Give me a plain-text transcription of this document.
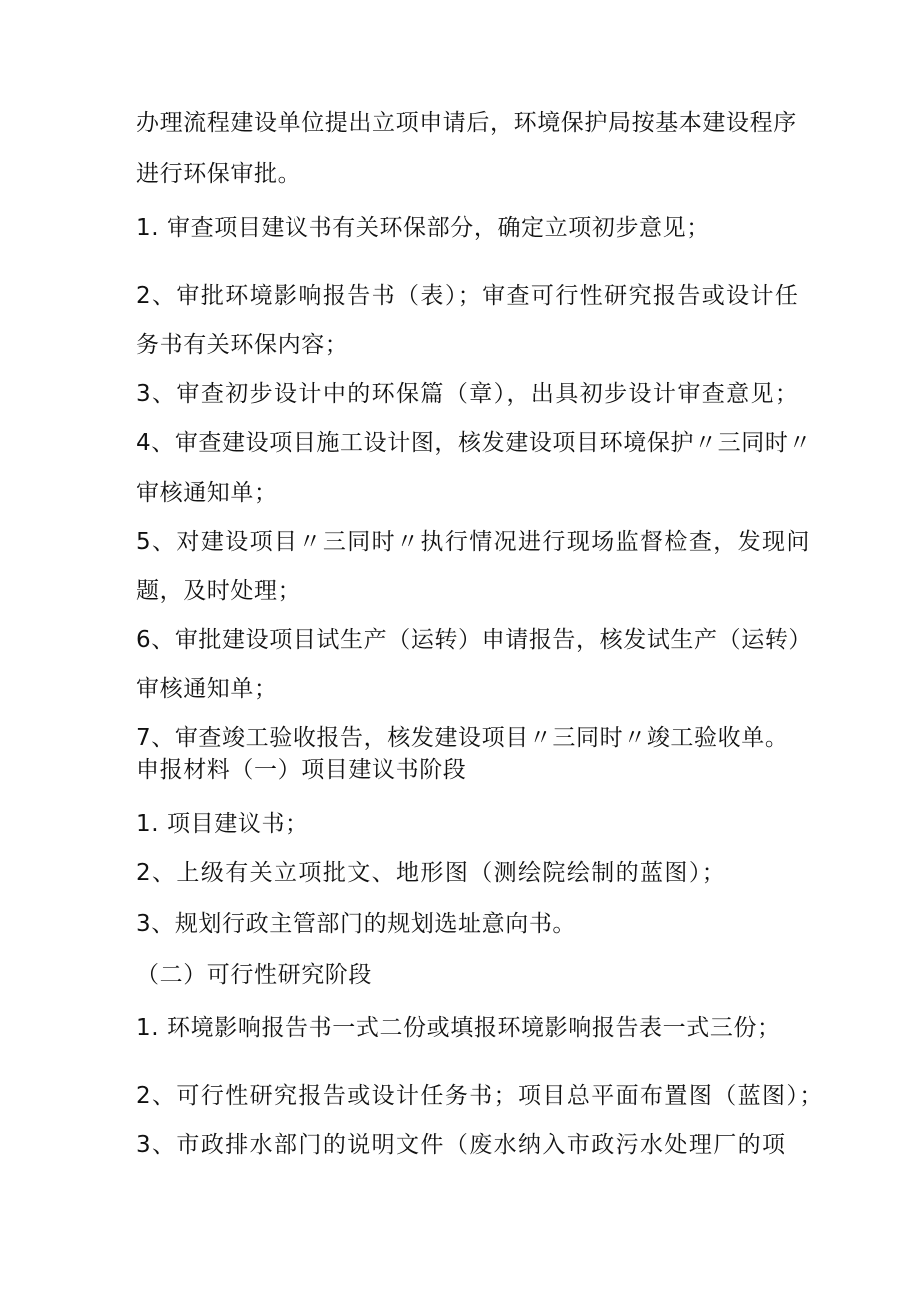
办理流程建设单位提出立项申请后，环境保护局按基本建设程序
进行环保审批。
1. 审查项目建议书有关环保部分，确定立项初步意见；
2、审批环境影响报告书（表）；审查可行性研究报告或设计任
务书有关环保内容；
3、审查初步设计中的环保篇（章），出具初步设计审查意见；
4、审查建设项目施工设计图，核发建设项目环境保护〃三同时〃
审核通知单；
5、对建设项目〃三同时〃执行情况进行现场监督检查，发现问
题，及时处理；
6、审批建设项目试生产（运转）申请报告，核发试生产（运转）
审核通知单；
7、审查竣工验收报告，核发建设项目〃三同时〃竣工验收单。
申报材料（一）项目建议书阶段
1. 项目建议书；
2、上级有关立项批文、地形图（测绘院绘制的蓝图）；
3、规划行政主管部门的规划选址意向书。
（二）可行性研究阶段
1. 环境影响报告书一式二份或填报环境影响报告表一式三份；
2、可行性研究报告或设计任务书；项目总平面布置图（蓝图）；
3、市政排水部门的说明文件（废水纳入市政污水处理厂的项
